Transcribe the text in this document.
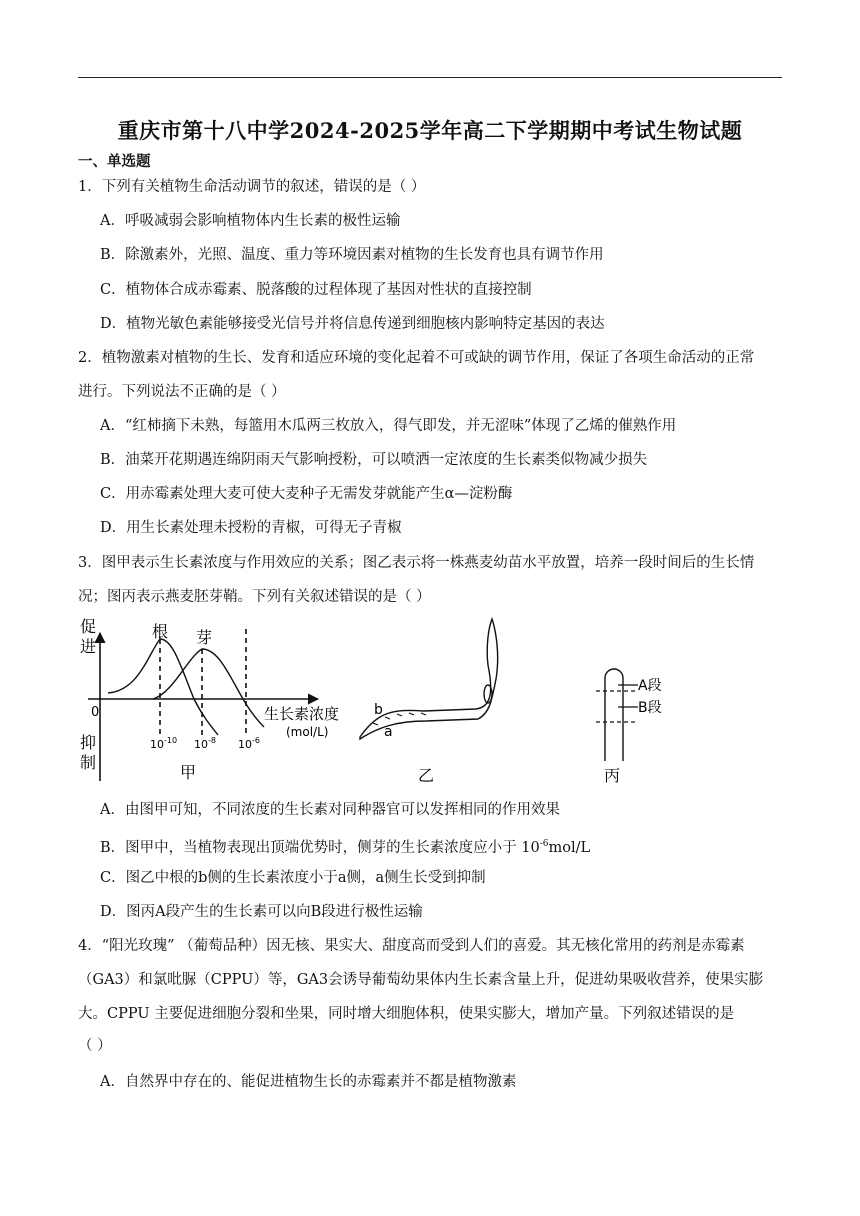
重庆市第十八中学2024-2025学年高二下学期期中考试生物试题
一、单选题
1．下列有关植物生命活动调节的叙述，错误的是（ ）
A．呼吸减弱会影响植物体内生长素的极性运输
B．除激素外，光照、温度、重力等环境因素对植物的生长发育也具有调节作用
C．植物体合成赤霉素、脱落酸的过程体现了基因对性状的直接控制
D．植物光敏色素能够接受光信号并将信息传递到细胞核内影响特定基因的表达
2．植物激素对植物的生长、发育和适应环境的变化起着不可或缺的调节作用，保证了各项生命活动的正常
进行。下列说法不正确的是（ ）
A．“红柿摘下未熟，每篮用木瓜两三枚放入，得气即发，并无涩味”体现了乙烯的催熟作用
B．油菜开花期遇连绵阴雨天气影响授粉，可以喷洒一定浓度的生长素类似物减少损失
C．用赤霉素处理大麦可使大麦种子无需发芽就能产生α—淀粉酶
D．用生长素处理未授粉的青椒，可得无子青椒
3．图甲表示生长素浓度与作用效应的关系；图乙表示将一株燕麦幼苗水平放置，培养一段时间后的生长情
况；图丙表示燕麦胚芽鞘。下列有关叙述错误的是（ ）
促
进
抑
制
0
根 芽
生长素浓度
(mol/L)
$10^{-10}$ $10^{-8}$ $10^{-6}$
甲
b
a
乙
A段
B段
丙
A．由图甲可知，不同浓度的生长素对同种器官可以发挥相同的作用效果
B．图甲中，当植物表现出顶端优势时，侧芽的生长素浓度应小于 $10^{-6}mol/L$
C．图乙中根的b侧的生长素浓度小于a侧，a侧生长受到抑制
D．图丙A段产生的生长素可以向B段进行极性运输
4．“阳光玫瑰” （葡萄品种）因无核、果实大、甜度高而受到人们的喜爱。其无核化常用的药剂是赤霉素
（GA3）和氯吡脲（CPPU）等，GA3会诱导葡萄幼果体内生长素含量上升，促进幼果吸收营养，使果实膨
大。CPPU 主要促进细胞分裂和坐果，同时增大细胞体积，使果实膨大，增加产量。下列叙述错误的是
（ ）
A．自然界中存在的、能促进植物生长的赤霉素并不都是植物激素
